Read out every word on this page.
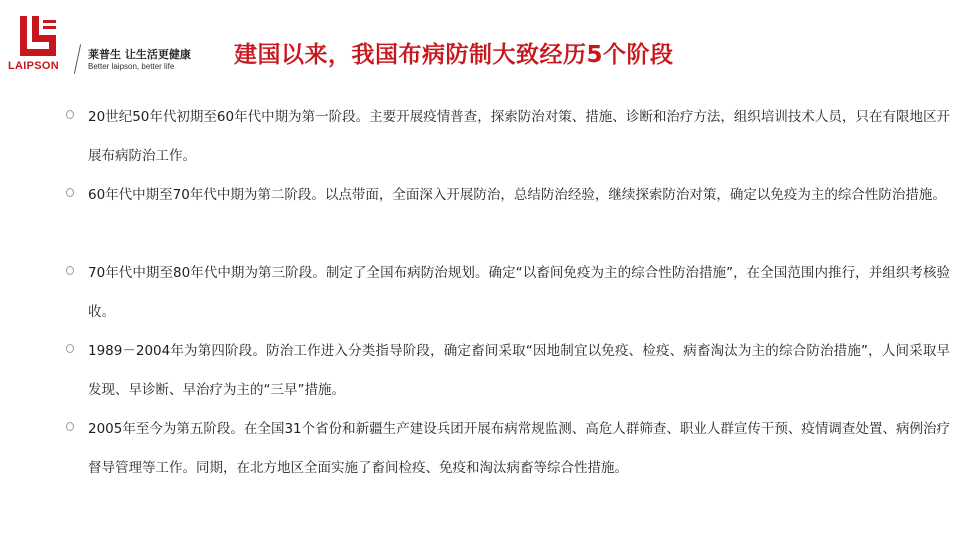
LAIPSON
莱普生 让生活更健康
Better laipson, better life	建国以来，我国布病防制大致经历5个阶段
20世纪50年代初期至60年代中期为第一阶段。主要开展疫情普查，探索防治对策、措施、诊断和治疗方法，组织培训技术人员，只在有限地区开展布病防治工作。
60年代中期至70年代中期为第二阶段。以点带面，全面深入开展防治，总结防治经验，继续探索防治对策，确定以免疫为主的综合性防治措施。
70年代中期至80年代中期为第三阶段。制定了全国布病防治规划。确定“以畜间免疫为主的综合性防治措施”，在全国范围内推行，并组织考核验收。
1989－2004年为第四阶段。防治工作进入分类指导阶段，确定畜间采取“因地制宜以免疫、检疫、病畜淘汰为主的综合防治措施”，人间采取早发现、早诊断、早治疗为主的“三早”措施。
2005年至今为第五阶段。在全国31个省份和新疆生产建设兵团开展布病常规监测、高危人群筛查、职业人群宣传干预、疫情调查处置、病例治疗督导管理等工作。同期，在北方地区全面实施了畜间检疫、免疫和淘汰病畜等综合性措施。
